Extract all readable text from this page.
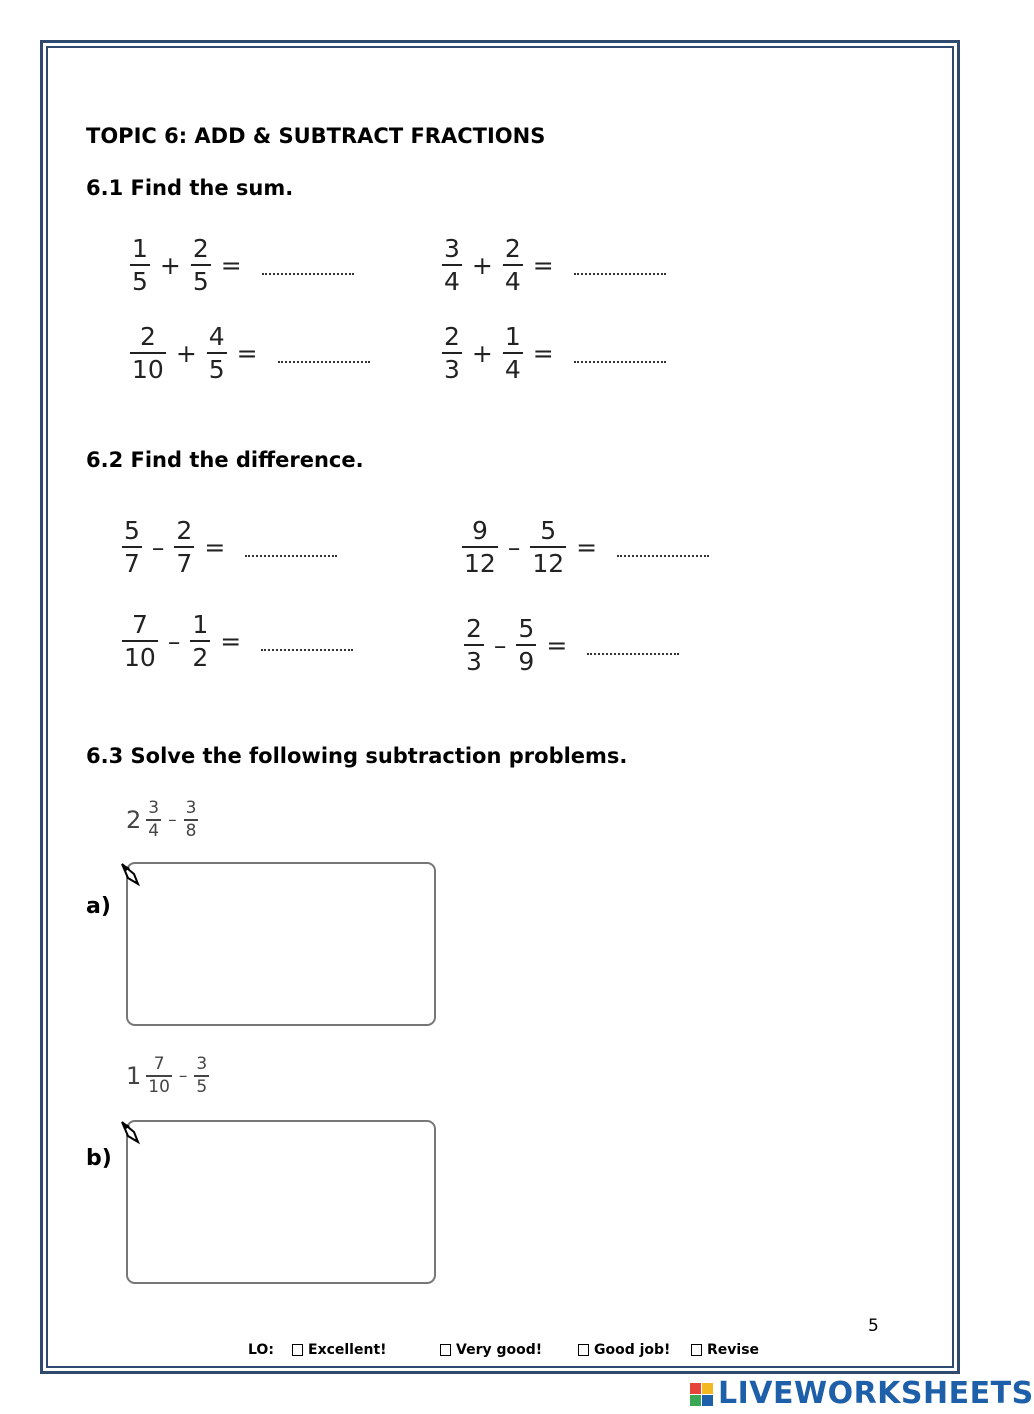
TOPIC 6: ADD & SUBTRACT FRACTIONS
6.1 Find the sum.
$\frac{1}{5} + \frac{2}{5}$ =	$\frac{3}{4} + \frac{2}{4}$ =
$\frac{2}{10} + \frac{4}{5}$ =	$\frac{2}{3} + \frac{1}{4}$ =
6.2 Find the difference.
$\frac{5}{7} - \frac{2}{7}$ =	$\frac{9}{12} - \frac{5}{12}$ =
$\frac{7}{10} - \frac{1}{2}$ =	$\frac{2}{3} - \frac{5}{9}$ =
6.3 Solve the following subtraction problems.
$2 \frac{3}{4} - \frac{3}{8}$
a)
$1 \frac{7}{10} - \frac{3}{5}$
b)
5
LO: Excellent!	Very good!	Good job!	Revise
LIVEWORKSHEETS
